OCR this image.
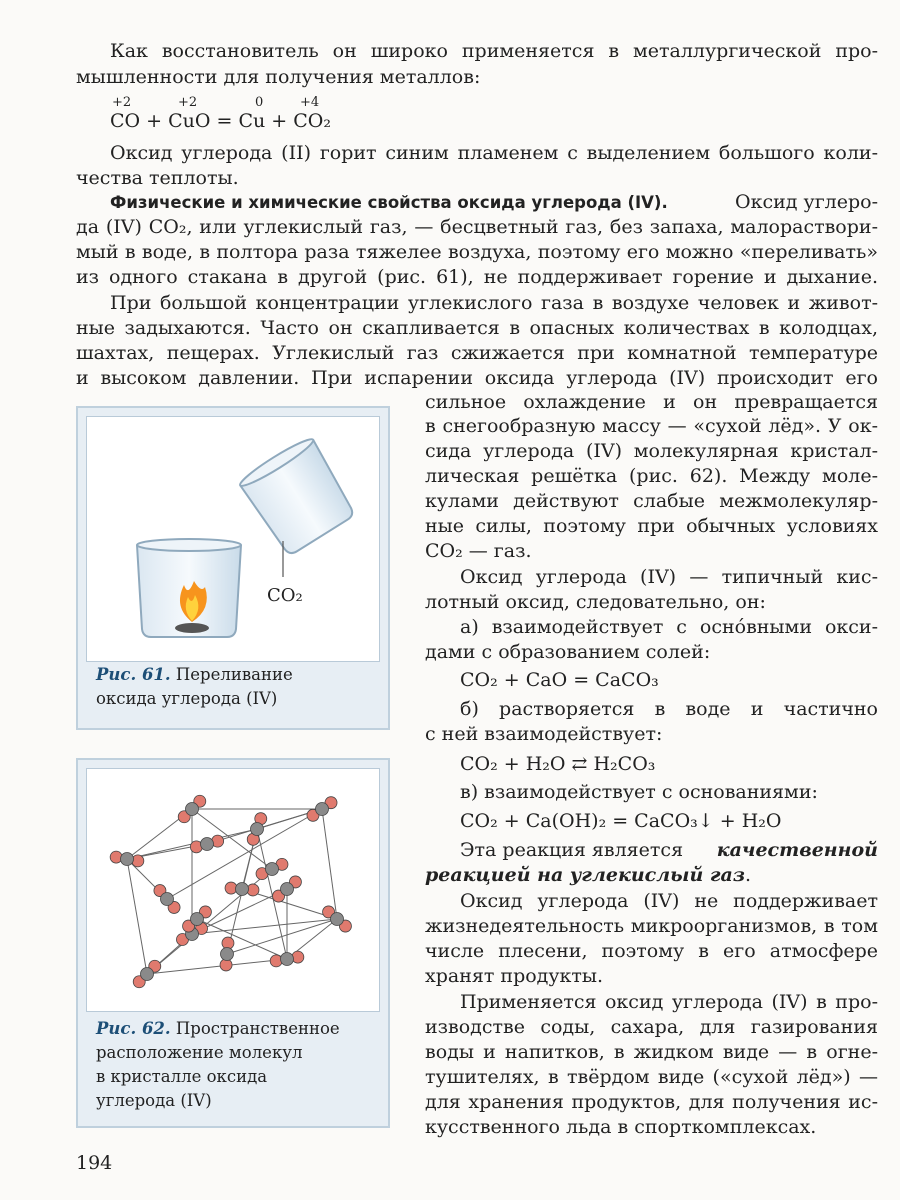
Как восстановитель он широко применяется в металлургической про-
мышленности для получения металлов:
+2	+2	0	+4
CO + CuO = Cu + CO₂
Оксид углерода (II) горит синим пламенем с выделением большого коли-
чества теплоты.
Физические и химические свойства оксида углерода (IV).	Оксид углеро-
да (IV) CO₂, или углекислый газ, — бесцветный газ, без запаха, малораствори-
мый в воде, в полтора раза тяжелее воздуха, поэтому его можно «переливать»
из одного стакана в другой (рис. 61), не поддерживает горение и дыхание.
При большой концентрации углекислого газа в воздухе человек и живот-
ные задыхаются. Часто он скапливается в опасных количествах в колодцах,
шахтах, пещерах. Углекислый газ сжижается при комнатной температуре
и высоком давлении. При испарении оксида углерода (IV) происходит его
сильное охлаждение и он превращается
в снегообразную массу — «сухой лёд». У ок-
сида углерода (IV) молекулярная кристал-
лическая решётка (рис. 62). Между моле-
кулами действуют слабые межмолекуляр-
ные силы, поэтому при обычных условиях
CO₂ — газ.
Оксид углерода (IV) — типичный кис-
лотный оксид, следовательно, он:
а) взаимодействует с оснóвными окси-
дами с образованием солей:
CO₂ + CaO = CaCO₃
б) растворяется в воде и частично
с ней взаимодействует:
CO₂ + H₂O ⇄ H₂CO₃
в) взаимодействует с основаниями:
CO₂ + Ca(OH)₂ = CaCO₃↓ + H₂O
Эта реакция является качественной
реакцией на углекислый газ.
Оксид углерода (IV) не поддерживает
жизнедеятельность микроорганизмов, в том
числе плесени, поэтому в его атмосфере
хранят продукты.
Применяется оксид углерода (IV) в про-
изводстве соды, сахара, для газирования
воды и напитков, в жидком виде — в огне-
тушителях, в твёрдом виде («сухой лёд») —
для хранения продуктов, для получения ис-
кусственного льда в спорткомплексах.
CO₂
Рис. 61. Переливание
оксида углерода (IV)
Рис. 62. Пространственное
расположение молекул
в кристалле оксида
углерода (IV)
194
